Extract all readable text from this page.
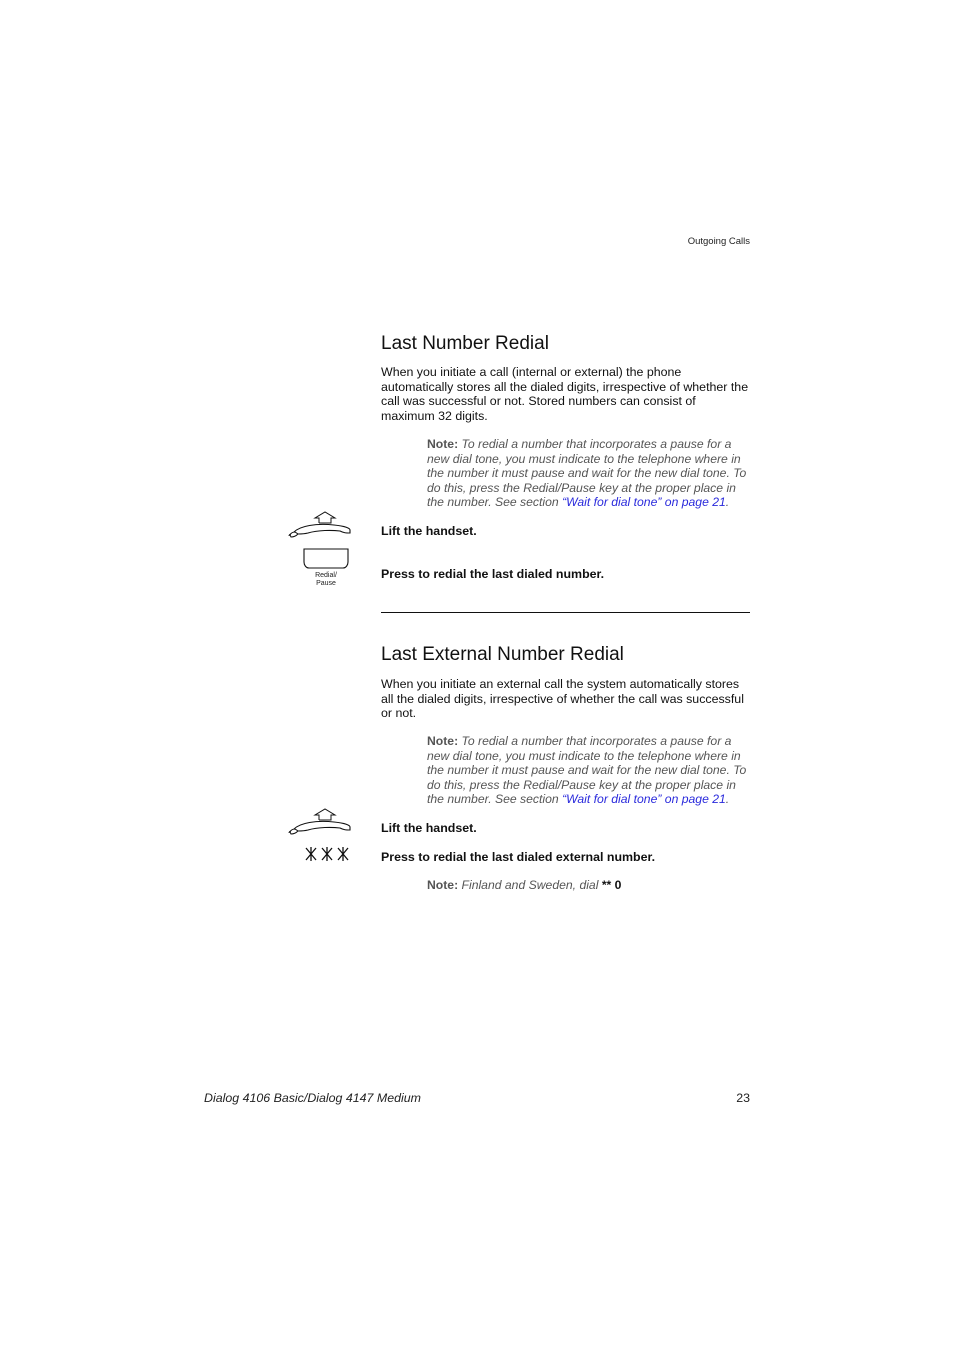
Outgoing Calls
Last Number Redial
When you initiate a call (internal or external) the phone automatically stores all the dialed digits, irrespective of whether the call was successful or not. Stored numbers can consist of maximum 32 digits.
Note: To redial a number that incorporates a pause for a new dial tone, you must indicate to the telephone where in the number it must pause and wait for the new dial tone. To do this, press the Redial/Pause key at the proper place in the number. See section “Wait for dial tone” on page 21.
Lift the handset.
Redial/
Pause
Press to redial the last dialed number.
Last External Number Redial
When you initiate an external call the system automatically stores all the dialed digits, irrespective of whether the call was successful or not.
Note: To redial a number that incorporates a pause for a new dial tone, you must indicate to the telephone where in the number it must pause and wait for the new dial tone. To do this, press the Redial/Pause key at the proper place in the number. See section “Wait for dial tone” on page 21.
Lift the handset.
Press to redial the last dialed external number.
Note: Finland and Sweden, dial ** 0
Dialog 4106 Basic/Dialog 4147 Medium	23
